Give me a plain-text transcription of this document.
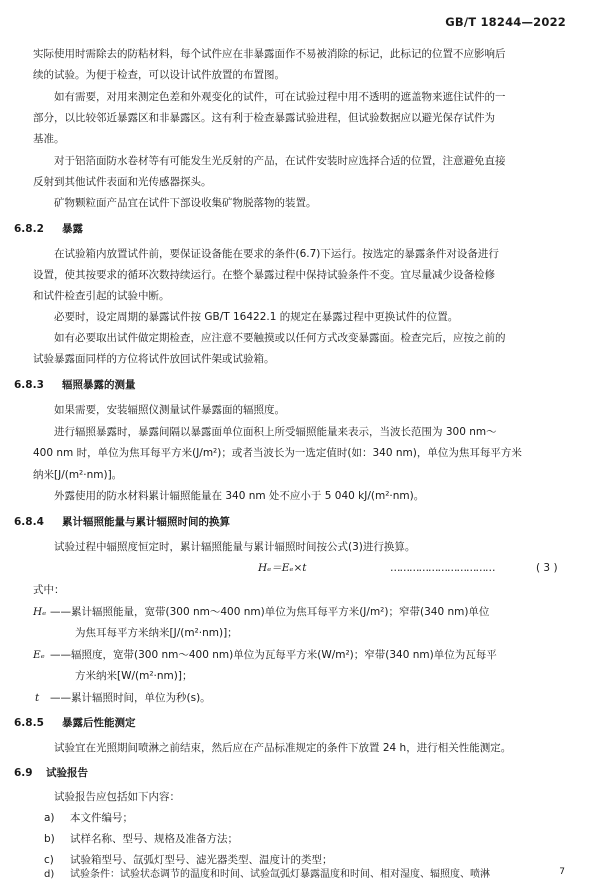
GB/T 18244—2022
实际使用时需除去的防粘材料，每个试件应在非暴露面作不易被消除的标记，此标记的位置不应影响后
续的试验。为便于检查，可以设计试件放置的布置图。
如有需要，对用来测定色差和外观变化的试件，可在试验过程中用不透明的遮盖物来遮住试件的一
部分，以比较邻近暴露区和非暴露区。这有利于检查暴露试验进程，但试验数据应以避光保存试件为
基准。
对于铝箔面防水卷材等有可能发生光反射的产品，在试件安装时应选择合适的位置，注意避免直接
反射到其他试件表面和光传感器探头。
矿物颗粒面产品宜在试件下部设收集矿物脱落物的装置。
6.8.2 暴露
在试验箱内放置试件前，要保证设备能在要求的条件(6.7)下运行。按选定的暴露条件对设备进行
设置，使其按要求的循环次数持续运行。在整个暴露过程中保持试验条件不变。宜尽量减少设备检修
和试件检查引起的试验中断。
必要时，设定周期的暴露试件按 GB/T 16422.1 的规定在暴露过程中更换试件的位置。
如有必要取出试件做定期检查，应注意不要触摸或以任何方式改变暴露面。检查完后，应按之前的
试验暴露面同样的方位将试件放回试件架或试验箱。
6.8.3 辐照暴露的测量
如果需要，安装辐照仪测量试件暴露面的辐照度。
进行辐照暴露时，暴露间隔以暴露面单位面积上所受辐照能量来表示，当波长范围为 300 nm～
400 nm 时，单位为焦耳每平方米(J/m²)；或者当波长为一选定值时(如：340 nm)，单位为焦耳每平方米
纳米[J/(m²·nm)]。
外露使用的防水材料累计辐照能量在 340 nm 处不应小于 5 040 kJ/(m²·nm)。
6.8.4 累计辐照能量与累计辐照时间的换算
试验过程中辐照度恒定时，累计辐照能量与累计辐照时间按公式(3)进行换算。
Hₑ＝Eₑ×t	……………………………	( 3 )
式中：
Hₑ ——累计辐照能量，宽带(300 nm～400 nm)单位为焦耳每平方米(J/m²)；窄带(340 nm)单位
为焦耳每平方米纳米[J/(m²·nm)]；
Eₑ ——辐照度，宽带(300 nm～400 nm)单位为瓦每平方米(W/m²)；窄带(340 nm)单位为瓦每平
方米纳米[W/(m²·nm)]；
t ——累计辐照时间，单位为秒(s)。
6.8.5 暴露后性能测定
试验宜在光照期间喷淋之前结束，然后应在产品标准规定的条件下放置 24 h，进行相关性能测定。
6.9 试验报告
试验报告应包括如下内容：
a) 本文件编号；
b) 试样名称、型号、规格及准备方法；
c) 试验箱型号、氙弧灯型号、滤光器类型、温度计的类型；
d) 试验条件：试验状态调节的温度和时间、试验氙弧灯暴露温度和时间、相对湿度、辐照度、喷淋	7
